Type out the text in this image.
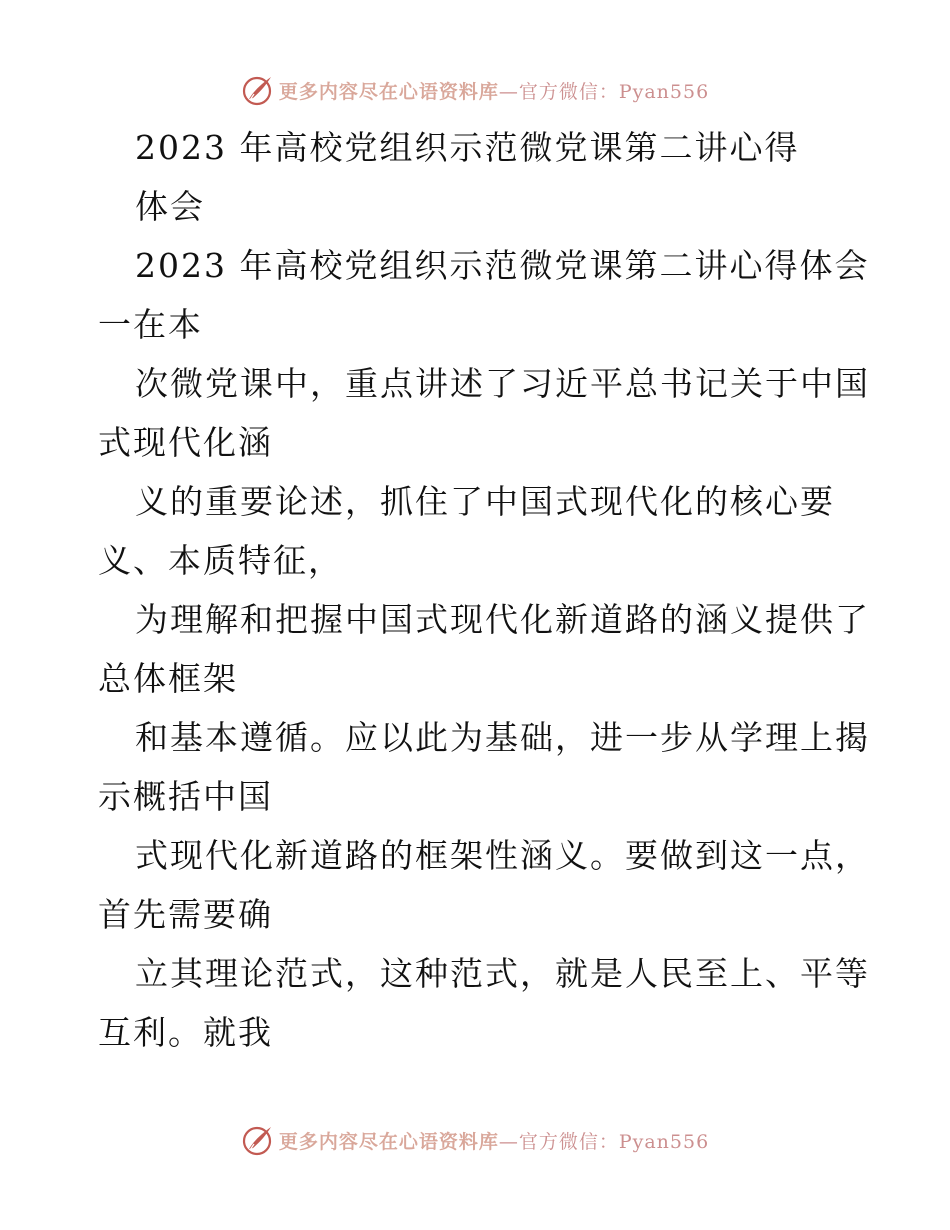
更多内容尽在心语资料库 —官方微信：Pyan556
2023 年高校党组织示范微党课第二讲心得
体会
2023 年高校党组织示范微党课第二讲心得体会
一在本
次微党课中，重点讲述了习近平总书记关于中国
式现代化涵
义的重要论述，抓住了中国式现代化的核心要
义、本质特征，
为理解和把握中国式现代化新道路的涵义提供了
总体框架
和基本遵循。应以此为基础，进一步从学理上揭
示概括中国
式现代化新道路的框架性涵义。要做到这一点，
首先需要确
立其理论范式，这种范式，就是人民至上、平等
互利。就我
更多内容尽在心语资料库 —官方微信：Pyan556
